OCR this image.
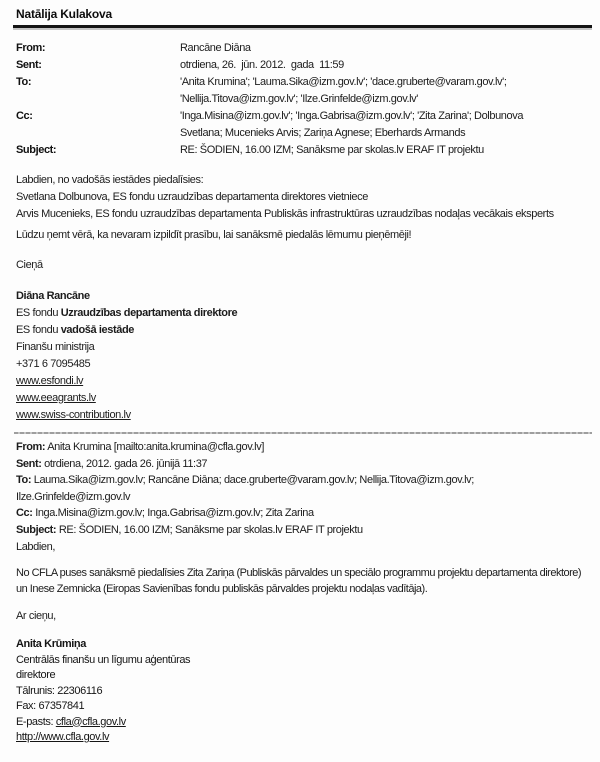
Natālija Kulakova
From:	Rancāne Diāna
Sent:	otrdiena, 26.  jūn. 2012.  gada  11:59
To:	'Anita Krumina'; 'Lauma.Sika@izm.gov.lv'; 'dace.gruberte@varam.gov.lv';
'Nellija.Titova@izm.gov.lv'; 'Ilze.Grinfelde@izm.gov.lv'
Cc:	'Inga.Misina@izm.gov.lv'; 'Inga.Gabrisa@izm.gov.lv'; 'Zita Zarina'; Dolbunova
Svetlana; Mucenieks Arvis; Zariņa Agnese; Eberhards Armands
Subject:	RE: ŠODIEN, 16.00 IZM; Sanāksme par skolas.lv ERAF IT projektu
Labdien, no vadošās iestādes piedalīsies:
Svetlana Dolbunova, ES fondu uzraudzības departamenta direktores vietniece
Arvis Mucenieks, ES fondu uzraudzības departamenta Publiskās infrastruktūras uzraudzības nodaļas vecākais eksperts
Lūdzu ņemt vērā, ka nevaram izpildīt prasību, lai sanāksmē piedalās lēmumu pieņēmēji!
Cieņā
Diāna Rancāne
ES fondu Uzraudzības departamenta direktore
ES fondu vadošā iestāde
Finanšu ministrija
+371 6 7095485
www.esfondi.lv
www.eeagrants.lv
www.swiss-contribution.lv
From: Anita Krumina [mailto:anita.krumina@cfla.gov.lv]
Sent: otrdiena, 2012. gada 26. jūnijā 11:37
To: Lauma.Sika@izm.gov.lv; Rancāne Diāna; dace.gruberte@varam.gov.lv; Nellija.Titova@izm.gov.lv;
Ilze.Grinfelde@izm.gov.lv
Cc: Inga.Misina@izm.gov.lv; Inga.Gabrisa@izm.gov.lv; Zita Zarina
Subject: RE: ŠODIEN, 16.00 IZM; Sanāksme par skolas.lv ERAF IT projektu
Labdien,
No CFLA puses sanāksmē piedalīsies Zita Zariņa (Publiskās pārvaldes un speciālo programmu projektu departamenta direktore) un Inese Zemnicka (Eiropas Savienības fondu publiskās pārvaldes projektu nodaļas vadītāja).
Ar cieņu,
Anita Krūmiņa
Centrālās finanšu un līgumu aģentūras
direktore
Tālrunis: 22306116
Fax: 67357841
E-pasts: cfla@cfla.gov.lv
http://www.cfla.gov.lv
